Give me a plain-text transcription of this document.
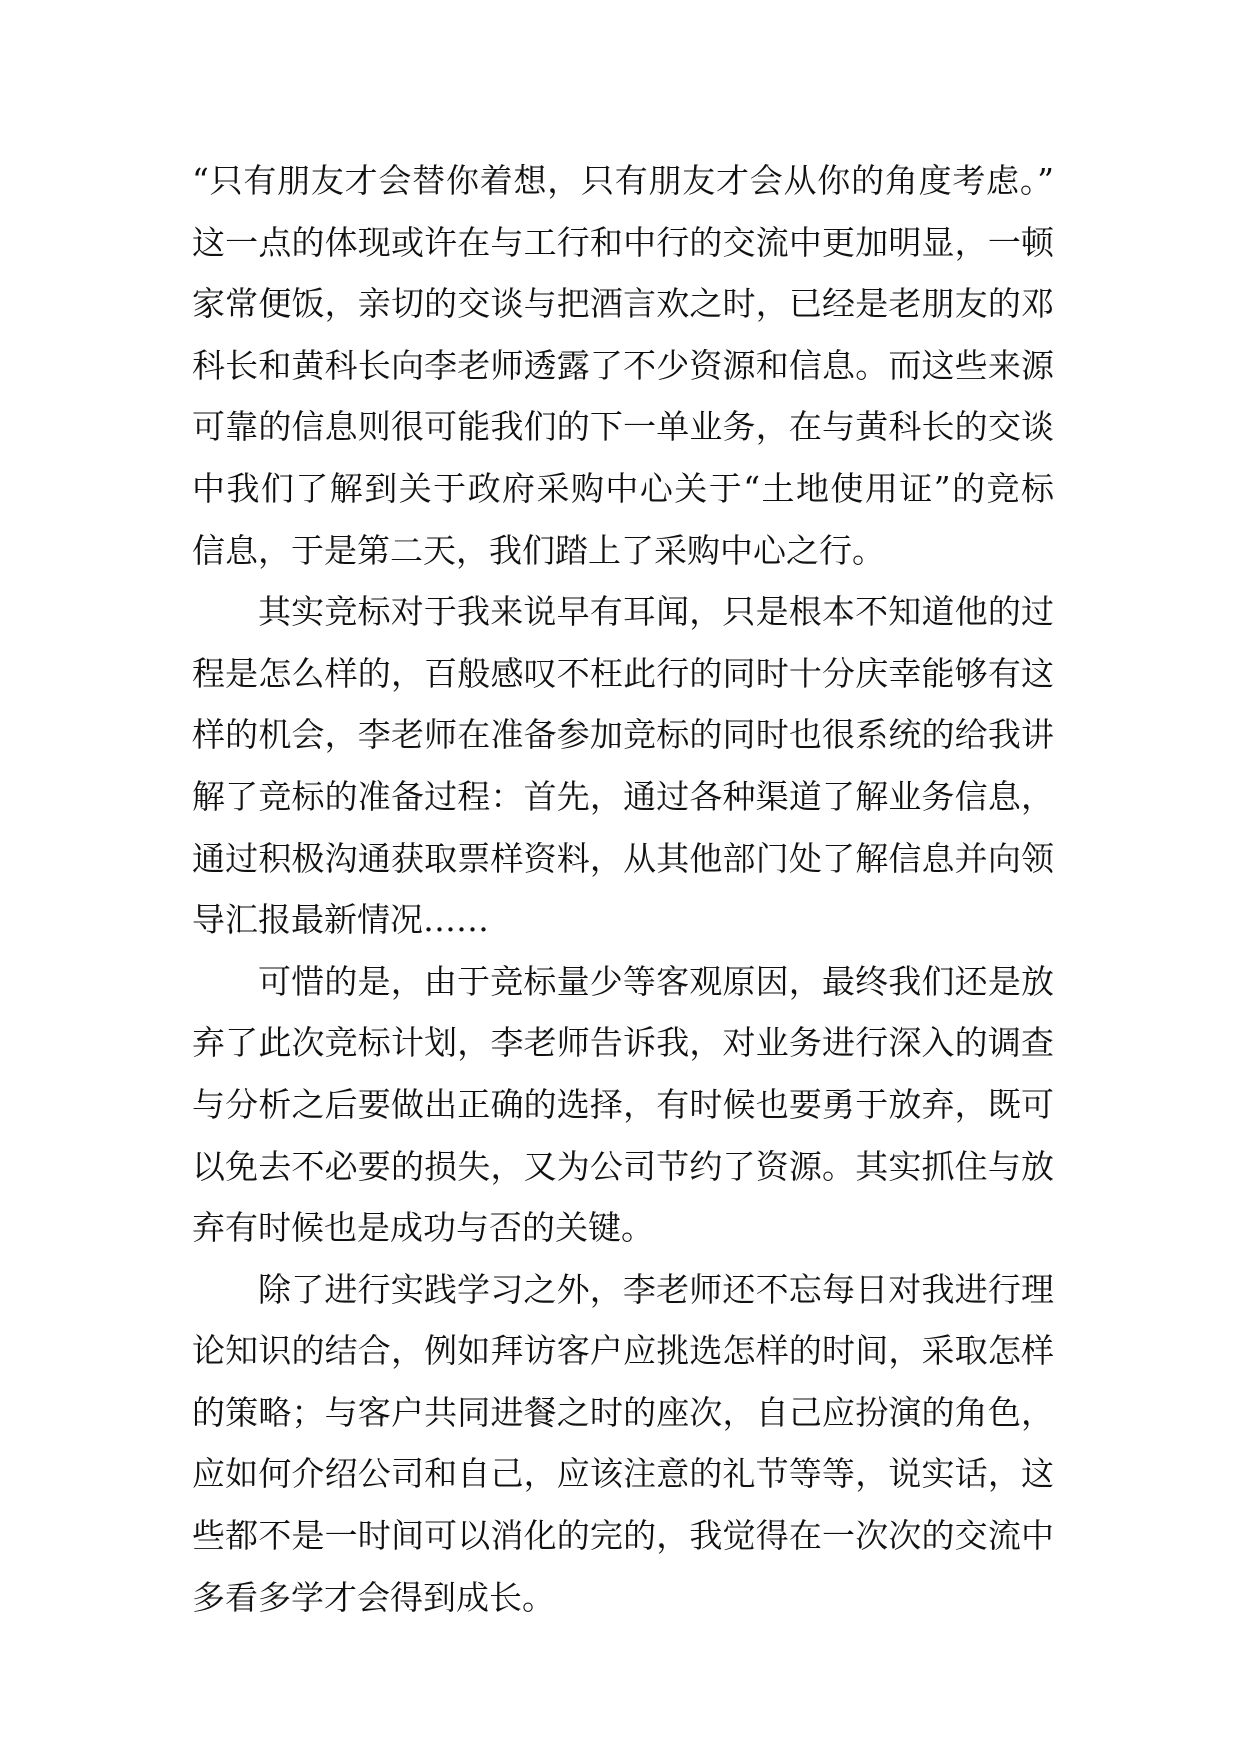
“只有朋友才会替你着想，只有朋友才会从你的角度考虑。”
这一点的体现或许在与工行和中行的交流中更加明显，一顿
家常便饭，亲切的交谈与把酒言欢之时，已经是老朋友的邓
科长和黄科长向李老师透露了不少资源和信息。而这些来源
可靠的信息则很可能我们的下一单业务，在与黄科长的交谈
中我们了解到关于政府采购中心关于“土地使用证”的竞标
信息，于是第二天，我们踏上了采购中心之行。
其实竞标对于我来说早有耳闻，只是根本不知道他的过
程是怎么样的，百般感叹不枉此行的同时十分庆幸能够有这
样的机会，李老师在准备参加竞标的同时也很系统的给我讲
解了竞标的准备过程：首先，通过各种渠道了解业务信息，
通过积极沟通获取票样资料，从其他部门处了解信息并向领
导汇报最新情况……
可惜的是，由于竞标量少等客观原因，最终我们还是放
弃了此次竞标计划，李老师告诉我，对业务进行深入的调查
与分析之后要做出正确的选择，有时候也要勇于放弃，既可
以免去不必要的损失，又为公司节约了资源。其实抓住与放
弃有时候也是成功与否的关键。
除了进行实践学习之外，李老师还不忘每日对我进行理
论知识的结合，例如拜访客户应挑选怎样的时间，采取怎样
的策略；与客户共同进餐之时的座次，自己应扮演的角色，
应如何介绍公司和自己，应该注意的礼节等等，说实话，这
些都不是一时间可以消化的完的，我觉得在一次次的交流中
多看多学才会得到成长。
